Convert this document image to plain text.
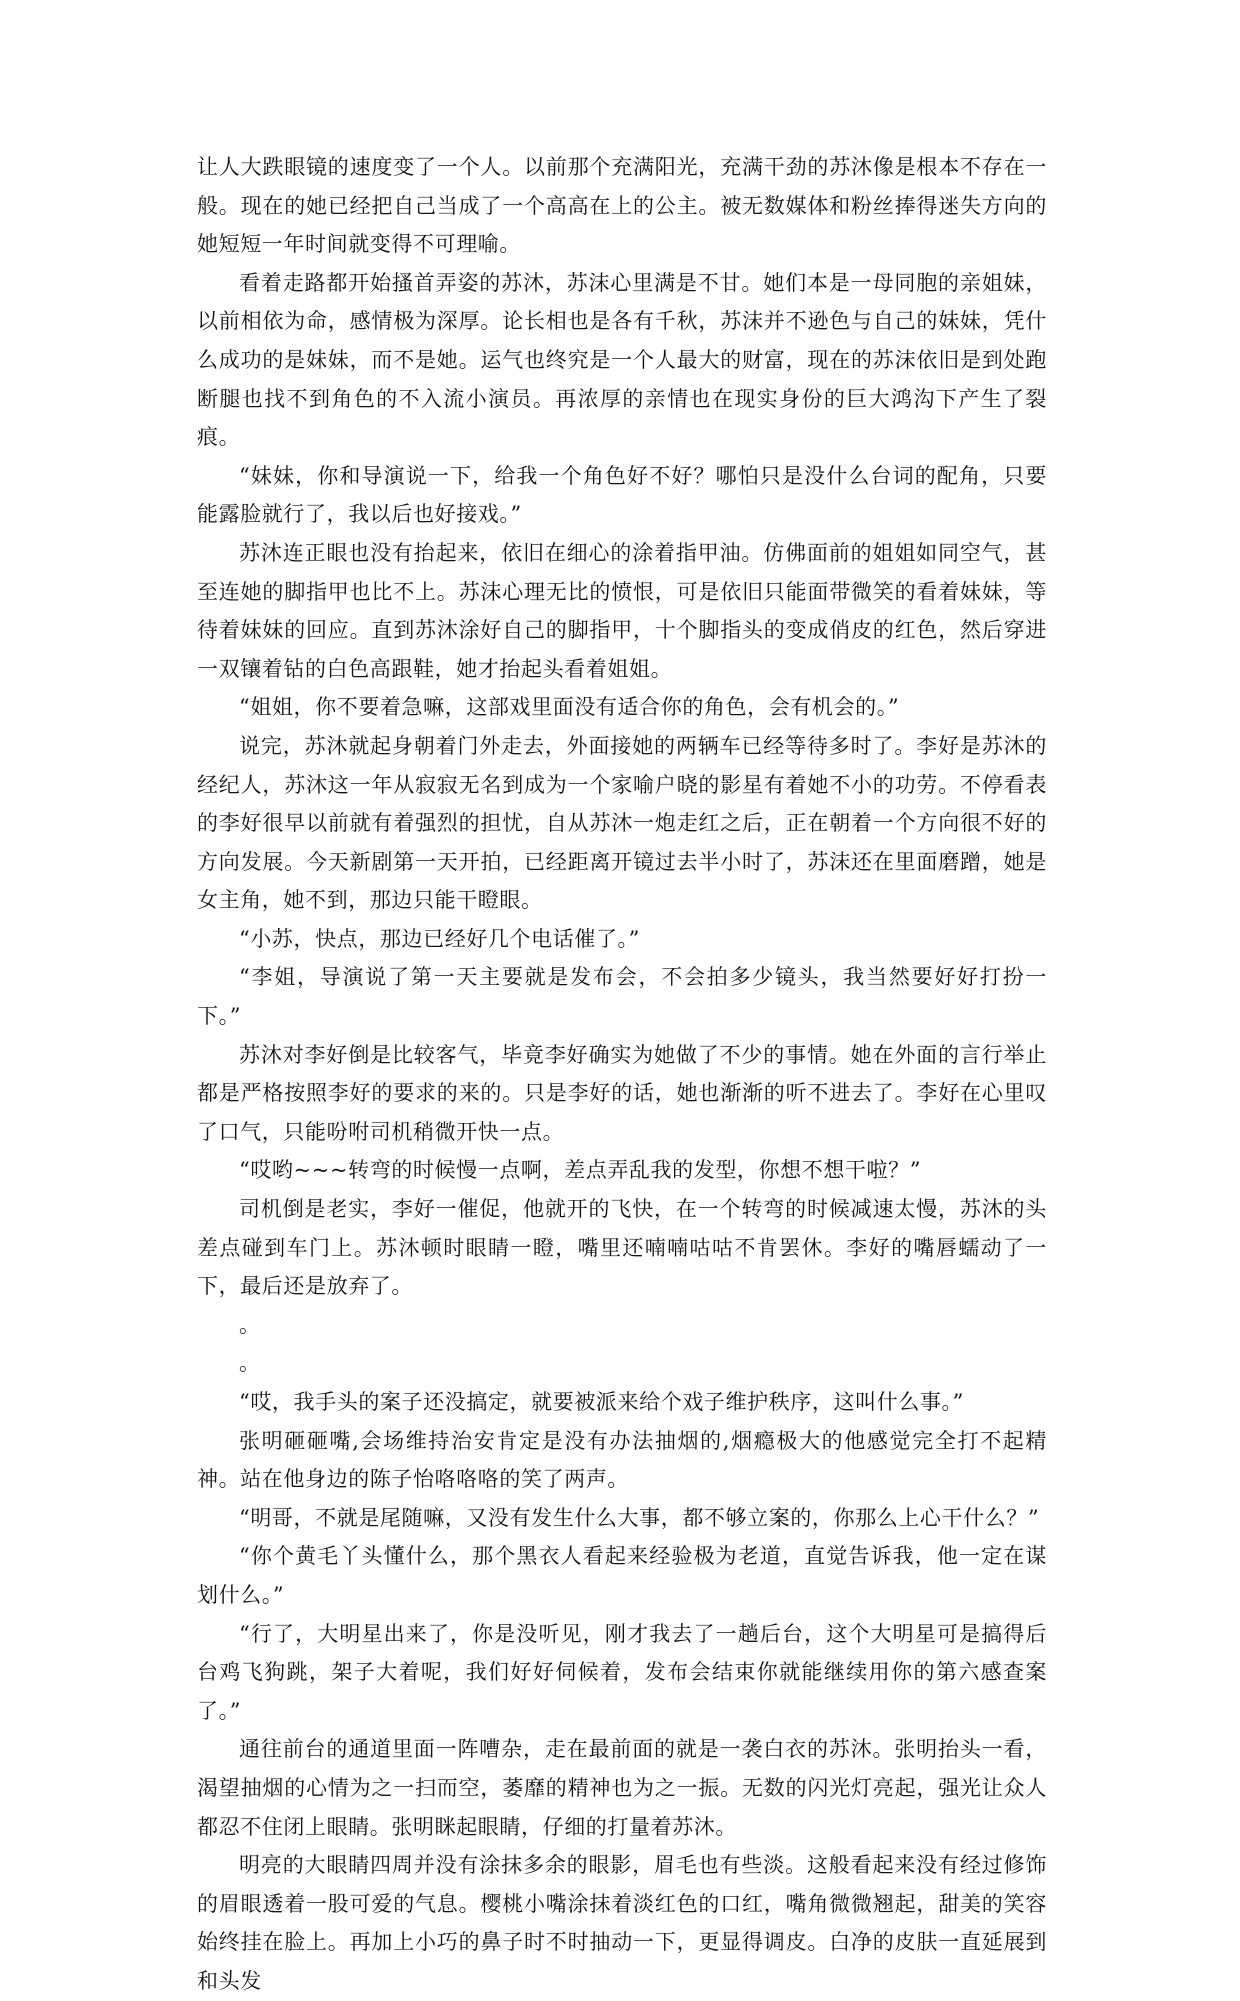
让人大跌眼镜的速度变了一个人。以前那个充满阳光，充满干劲的苏沐像是根本不存在一般。现在的她已经把自己当成了一个高高在上的公主。被无数媒体和粉丝捧得迷失方向的她短短一年时间就变得不可理喻。

看着走路都开始搔首弄姿的苏沐，苏沫心里满是不甘。她们本是一母同胞的亲姐妹，以前相依为命，感情极为深厚。论长相也是各有千秋，苏沫并不逊色与自己的妹妹，凭什么成功的是妹妹，而不是她。运气也终究是一个人最大的财富，现在的苏沫依旧是到处跑断腿也找不到角色的不入流小演员。再浓厚的亲情也在现实身份的巨大鸿沟下产生了裂痕。

“妹妹，你和导演说一下，给我一个角色好不好？哪怕只是没什么台词的配角，只要能露脸就行了，我以后也好接戏。”

苏沐连正眼也没有抬起来，依旧在细心的涂着指甲油。仿佛面前的姐姐如同空气，甚至连她的脚指甲也比不上。苏沫心理无比的愤恨，可是依旧只能面带微笑的看着妹妹，等待着妹妹的回应。直到苏沐涂好自己的脚指甲，十个脚指头的变成俏皮的红色，然后穿进一双镶着钻的白色高跟鞋，她才抬起头看着姐姐。

“姐姐，你不要着急嘛，这部戏里面没有适合你的角色，会有机会的。”

说完，苏沐就起身朝着门外走去，外面接她的两辆车已经等待多时了。李好是苏沐的经纪人，苏沐这一年从寂寂无名到成为一个家喻户晓的影星有着她不小的功劳。不停看表的李好很早以前就有着强烈的担忧，自从苏沐一炮走红之后，正在朝着一个方向很不好的方向发展。今天新剧第一天开拍，已经距离开镜过去半小时了，苏沫还在里面磨蹭，她是女主角，她不到，那边只能干瞪眼。

“小苏，快点，那边已经好几个电话催了。”

“李姐，导演说了第一天主要就是发布会，不会拍多少镜头，我当然要好好打扮一下。”

苏沐对李好倒是比较客气，毕竟李好确实为她做了不少的事情。她在外面的言行举止都是严格按照李好的要求的来的。只是李好的话，她也渐渐的听不进去了。李好在心里叹了口气，只能吩咐司机稍微开快一点。

“哎哟~~~转弯的时候慢一点啊，差点弄乱我的发型，你想不想干啦？”

司机倒是老实，李好一催促，他就开的飞快，在一个转弯的时候减速太慢，苏沐的头差点碰到车门上。苏沐顿时眼睛一瞪，嘴里还喃喃咕咕不肯罢休。李好的嘴唇蠕动了一下，最后还是放弃了。

。

。

“哎，我手头的案子还没搞定，就要被派来给个戏子维护秩序，这叫什么事。”

张明砸砸嘴,会场维持治安肯定是没有办法抽烟的,烟瘾极大的他感觉完全打不起精神。站在他身边的陈子怡咯咯咯的笑了两声。

“明哥，不就是尾随嘛，又没有发生什么大事，都不够立案的，你那么上心干什么？”

“你个黄毛丫头懂什么，那个黑衣人看起来经验极为老道，直觉告诉我，他一定在谋划什么。”

“行了，大明星出来了，你是没听见，刚才我去了一趟后台，这个大明星可是搞得后台鸡飞狗跳，架子大着呢，我们好好伺候着，发布会结束你就能继续用你的第六感查案了。”

通往前台的通道里面一阵嘈杂，走在最前面的就是一袭白衣的苏沐。张明抬头一看，渴望抽烟的心情为之一扫而空，萎靡的精神也为之一振。无数的闪光灯亮起，强光让众人都忍不住闭上眼睛。张明眯起眼睛，仔细的打量着苏沐。

明亮的大眼睛四周并没有涂抹多余的眼影，眉毛也有些淡。这般看起来没有经过修饰的眉眼透着一股可爱的气息。樱桃小嘴涂抹着淡红色的口红，嘴角微微翘起，甜美的笑容始终挂在脸上。再加上小巧的鼻子时不时抽动一下，更显得调皮。白净的皮肤一直延展到和头发
